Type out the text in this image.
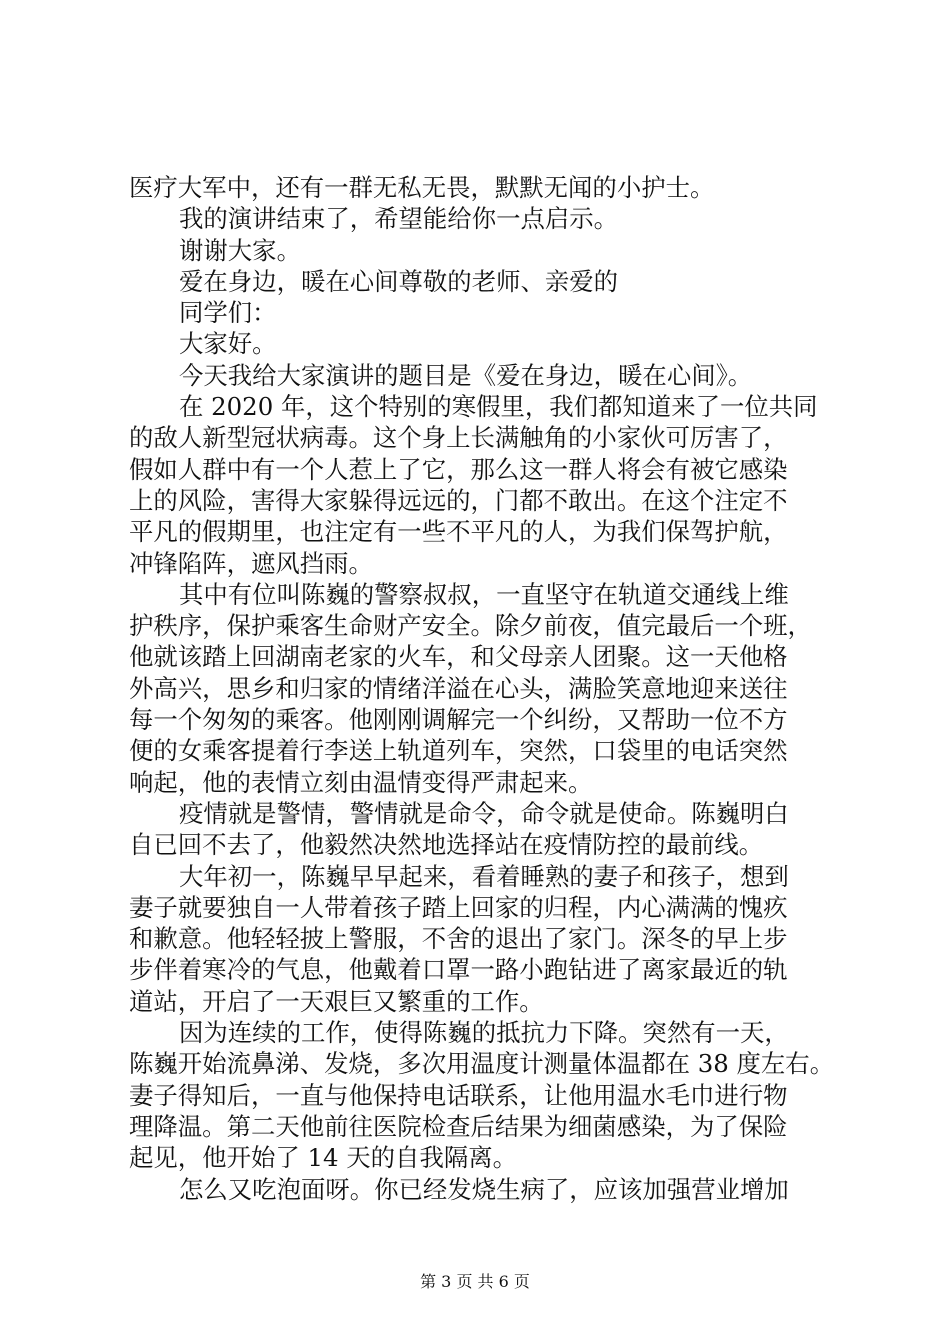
医疗大军中，还有一群无私无畏，默默无闻的小护士。
我的演讲结束了，希望能给你一点启示。
谢谢大家。
爱在身边，暖在心间尊敬的老师、亲爱的
同学们：
大家好。
今天我给大家演讲的题目是《爱在身边，暖在心间》。
在 2020 年，这个特别的寒假里，我们都知道来了一位共同
的敌人新型冠状病毒。这个身上长满触角的小家伙可厉害了，
假如人群中有一个人惹上了它，那么这一群人将会有被它感染
上的风险，害得大家躲得远远的，门都不敢出。在这个注定不
平凡的假期里，也注定有一些不平凡的人，为我们保驾护航，
冲锋陷阵，遮风挡雨。
其中有位叫陈巍的警察叔叔，一直坚守在轨道交通线上维
护秩序，保护乘客生命财产安全。除夕前夜，值完最后一个班，
他就该踏上回湖南老家的火车，和父母亲人团聚。这一天他格
外高兴，思乡和归家的情绪洋溢在心头，满脸笑意地迎来送往
每一个匆匆的乘客。他刚刚调解完一个纠纷，又帮助一位不方
便的女乘客提着行李送上轨道列车，突然，口袋里的电话突然
响起，他的表情立刻由温情变得严肃起来。
疫情就是警情，警情就是命令，命令就是使命。陈巍明白
自已回不去了，他毅然决然地选择站在疫情防控的最前线。
大年初一，陈巍早早起来，看着睡熟的妻子和孩子，想到
妻子就要独自一人带着孩子踏上回家的归程，内心满满的愧疚
和歉意。他轻轻披上警服，不舍的退出了家门。深冬的早上步
步伴着寒冷的气息，他戴着口罩一路小跑钻进了离家最近的轨
道站，开启了一天艰巨又繁重的工作。
因为连续的工作，使得陈巍的抵抗力下降。突然有一天，
陈巍开始流鼻涕、发烧，多次用温度计测量体温都在 38 度左右。
妻子得知后，一直与他保持电话联系，让他用温水毛巾进行物
理降温。第二天他前往医院检查后结果为细菌感染，为了保险
起见，他开始了 14 天的自我隔离。
怎么又吃泡面呀。你已经发烧生病了，应该加强营业增加
第 3 页 共 6 页
